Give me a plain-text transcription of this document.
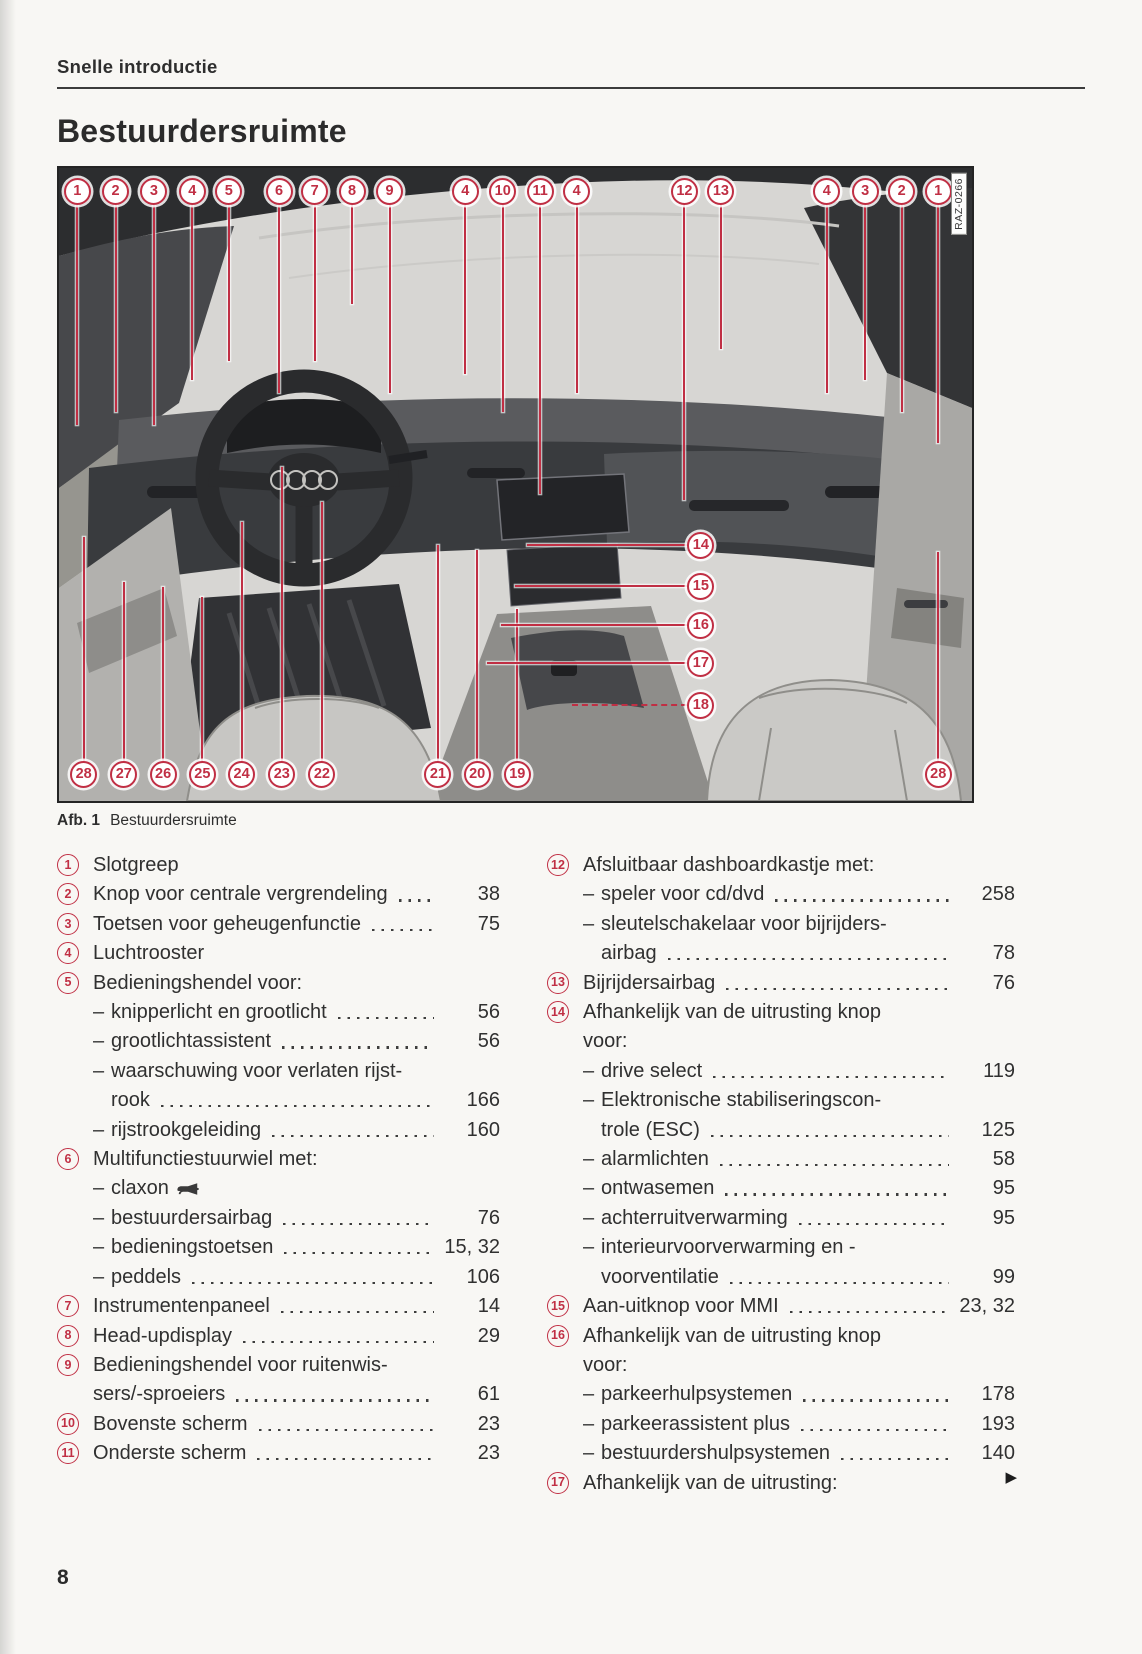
Snelle introductie
Bestuurdersruimte
1	2	3	4	5	6	7	8	9	4	10	11	4	12	13	4	3	2	1
28	27	26	25	24	23	22	21	20	19	28
14
15
16
17
18
RAZ-0266
Afb. 1 Bestuurdersruimte
1	Slotgreep
2	Knop voor centrale vergrendeling	38
3	Toetsen voor geheugenfunctie	75
4	Luchtrooster
5	Bedieningshendel voor:
– knipperlicht en grootlicht	56
– grootlichtassistent	56
– waarschuwing voor verlaten rijst-
rook	166
– rijstrookgeleiding	160
6	Multifunctiestuurwiel met:
– claxon
– bestuurdersairbag	76
– bedieningstoetsen	15, 32
– peddels	106
7	Instrumentenpaneel	14
8	Head-updisplay	29
9	Bedieningshendel voor ruitenwis-
sers/-sproeiers	61
10 Bovenste scherm	23
11 Onderste scherm	23
12 Afsluitbaar dashboardkastje met:
– speler voor cd/dvd	258
– sleutelschakelaar voor bijrijders-
airbag	78
13 Bijrijdersairbag	76
14 Afhankelijk van de uitrusting knop
voor:
– drive select	119
– Elektronische stabiliseringscon-
trole (ESC)	125
– alarmlichten	58
– ontwasemen	95
– achterruitverwarming	95
– interieurvoorverwarming en -
voorventilatie	99
15 Aan-uitknop voor MMI	23, 32
16 Afhankelijk van de uitrusting knop
voor:
– parkeerhulpsystemen	178
– parkeerassistent plus	193
– bestuurdershulpsystemen	140
17 Afhankelijk van de uitrusting:	▶
8
